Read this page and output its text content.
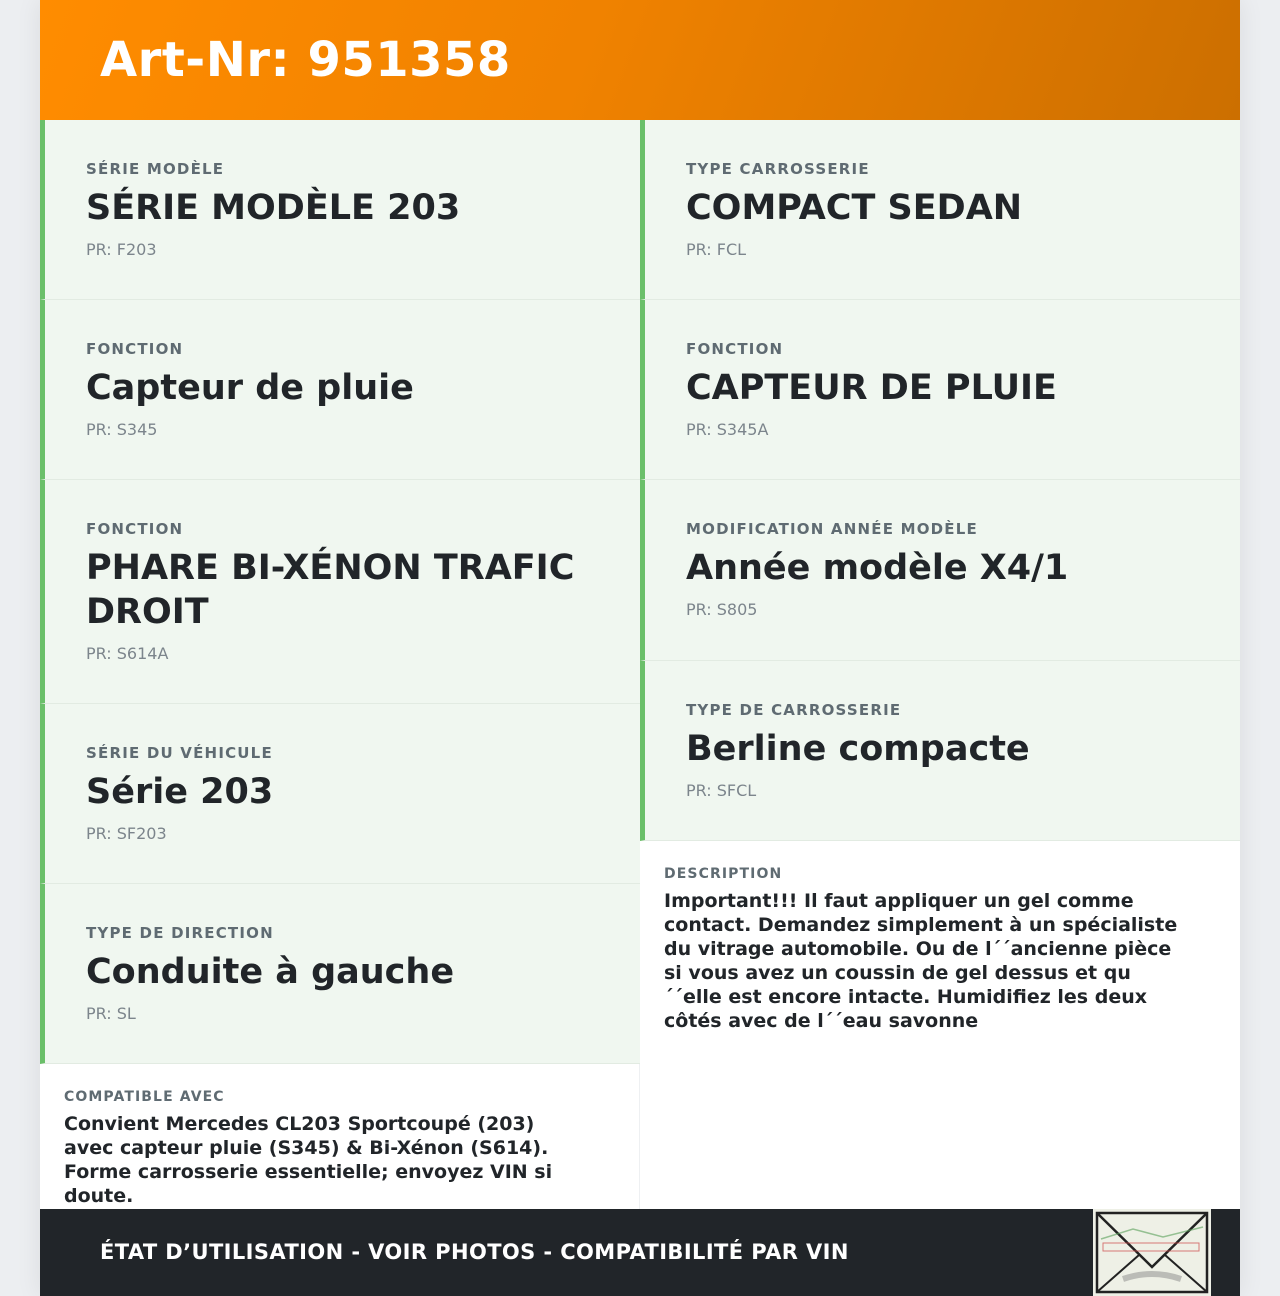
Art-Nr: 951358
SÉRIE MODÈLE
SÉRIE MODÈLE 203
PR: F203
FONCTION
Capteur de pluie
PR: S345
FONCTION
PHARE BI-XÉNON TRAFIC DROIT
PR: S614A
SÉRIE DU VÉHICULE
Série 203
PR: SF203
TYPE DE DIRECTION
Conduite à gauche
PR: SL
TYPE CARROSSERIE
COMPACT SEDAN
PR: FCL
FONCTION
CAPTEUR DE PLUIE
PR: S345A
MODIFICATION ANNÉE MODÈLE
Année modèle X4/1
PR: S805
TYPE DE CARROSSERIE
Berline compacte
PR: SFCL
COMPATIBLE AVEC
Convient Mercedes CL203 Sportcoupé (203) avec capteur pluie (S345) & Bi-Xénon (S614). Forme carrosserie essentielle; envoyez VIN si doute.
DESCRIPTION
Important!!! Il faut appliquer un gel comme contact. Demandez simplement à un spécialiste du vitrage automobile. Ou de l´´ancienne pièce si vous avez un coussin de gel dessus et qu´´elle est encore intacte. Humidifiez les deux côtés avec de l´´eau savonne
ÉTAT D’UTILISATION - VOIR PHOTOS - COMPATIBILITÉ PAR VIN
